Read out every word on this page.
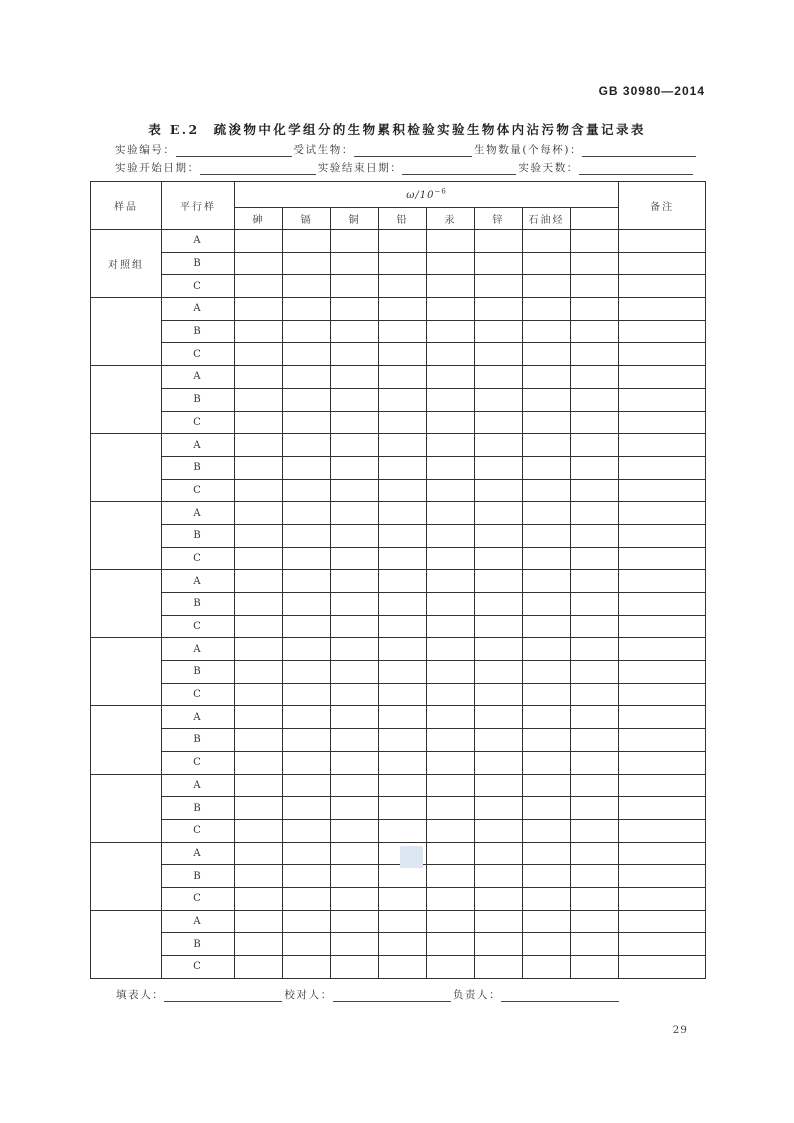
GB 30980—2014
表 E.2 疏浚物中化学组分的生物累积检验实验生物体内沾污物含量记录表
实验编号：	受试生物：	生物数量(个每杯)：
实验开始日期：	实验结束日期：	实验天数：
样品	平行样	$\omega/10^{-6}$								备注
		砷	镉	铜	铅	汞	锌	石油烃		
对照组	A									
	B									
	C									
	A									
	B									
	C									
	A									
	B									
	C									
	A									
	B									
	C									
	A									
	B									
	C									
	A									
	B									
	C									
	A									
	B									
	C									
	A									
	B									
	C									
	A									
	B									
	C									
	A									
	B									
	C									
	A									
	B									
	C									
填表人：	校对人：	负责人：
29
